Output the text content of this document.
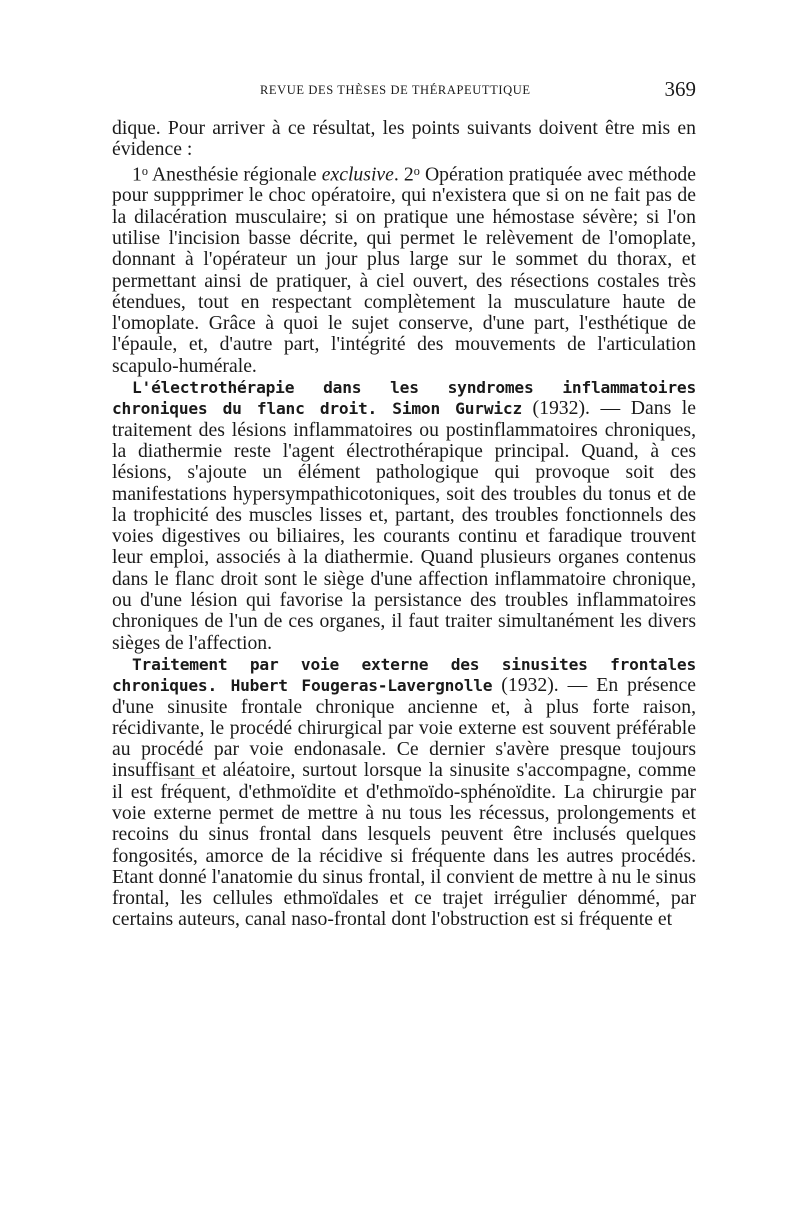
REVUE DES THÈSES DE THÉRAPEUTTIQUE	369

dique. Pour arriver à ce résultat, les points suivants doivent être mis en évidence :

1$^o$ Anesthésie régionale exclusive. 2$^o$ Opération pratiquée avec méthode pour suppprimer le choc opératoire, qui n'existera que si on ne fait pas de la dilacération musculaire; si on pratique une hémostase sévère; si l'on utilise l'incision basse décrite, qui permet le relèvement de l'omoplate, donnant à l'opérateur un jour plus large sur le sommet du thorax, et permettant ainsi de pratiquer, à ciel ouvert, des résections costales très étendues, tout en respectant complètement la musculature haute de l'omoplate. Grâce à quoi le sujet conserve, d'une part, l'esthétique de l'épaule, et, d'autre part, l'intégrité des mouvements de l'articulation scapulo-humérale.

L'électrothérapie dans les syndromes inflammatoires chroniques du flanc droit. Simon Gurwicz (1932). — Dans le traitement des lésions inflammatoires ou postinflammatoires chroniques, la diathermie reste l'agent électrothérapique principal. Quand, à ces lésions, s'ajoute un élément pathologique qui provoque soit des manifestations hypersympathicotoniques, soit des troubles du tonus et de la trophicité des muscles lisses et, partant, des troubles fonctionnels des voies digestives ou biliaires, les courants continu et faradique trouvent leur emploi, associés à la diathermie. Quand plusieurs organes contenus dans le flanc droit sont le siège d'une affection inflammatoire chronique, ou d'une lésion qui favorise la persistance des troubles inflammatoires chroniques de l'un de ces organes, il faut traiter simultanément les divers sièges de l'affection.

Traitement par voie externe des sinusites frontales chroniques. Hubert Fougeras-Lavergnolle (1932). — En présence d'une sinusite frontale chronique ancienne et, à plus forte raison, récidivante, le procédé chirurgical par voie externe est souvent préférable au procédé par voie endonasale. Ce dernier s'avère presque toujours insuffisant et aléatoire, surtout lorsque la sinusite s'accompagne, comme il est fréquent, d'ethmoïdite et d'ethmoïdo-sphénoïdite. La chirurgie par voie externe permet de mettre à nu tous les récessus, prolongements et recoins du sinus frontal dans lesquels peuvent être inclusés quelques fongosités, amorce de la récidive si fréquente dans les autres procédés. Etant donné l'anatomie du sinus frontal, il convient de mettre à nu le sinus frontal, les cellules ethmoïdales et ce trajet irrégulier dénommé, par certains auteurs, canal naso-frontal dont l'obstruction est si fréquente et
